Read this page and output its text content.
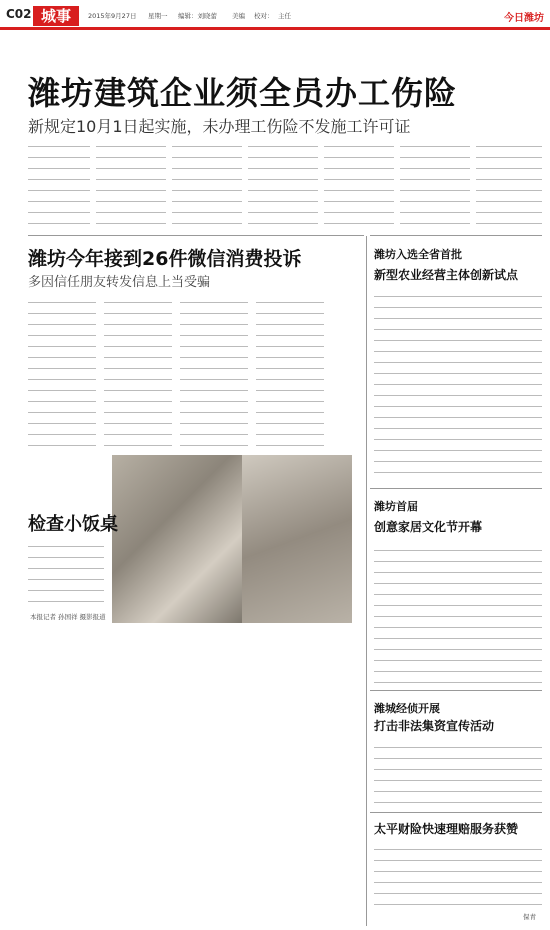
C02 城事	2015年9月27日 星期一 编辑：刘晓蕾 美编 校对： 主任	今日潍坊
潍坊建筑企业须全员办工伤险
新规定10月1日起实施，未办理工伤险不发施工许可证
潍坊今年接到26件微信消费投诉
多因信任朋友转发信息上当受骗
检查小饭桌
本报记者 孙国祥 摄影报道
潍坊入选全省首批
新型农业经营主体创新试点
潍坊首届
创意家居文化节开幕
潍城经侦开展
打击非法集资宣传活动
太平财险快速理赔服务获赞
保青
